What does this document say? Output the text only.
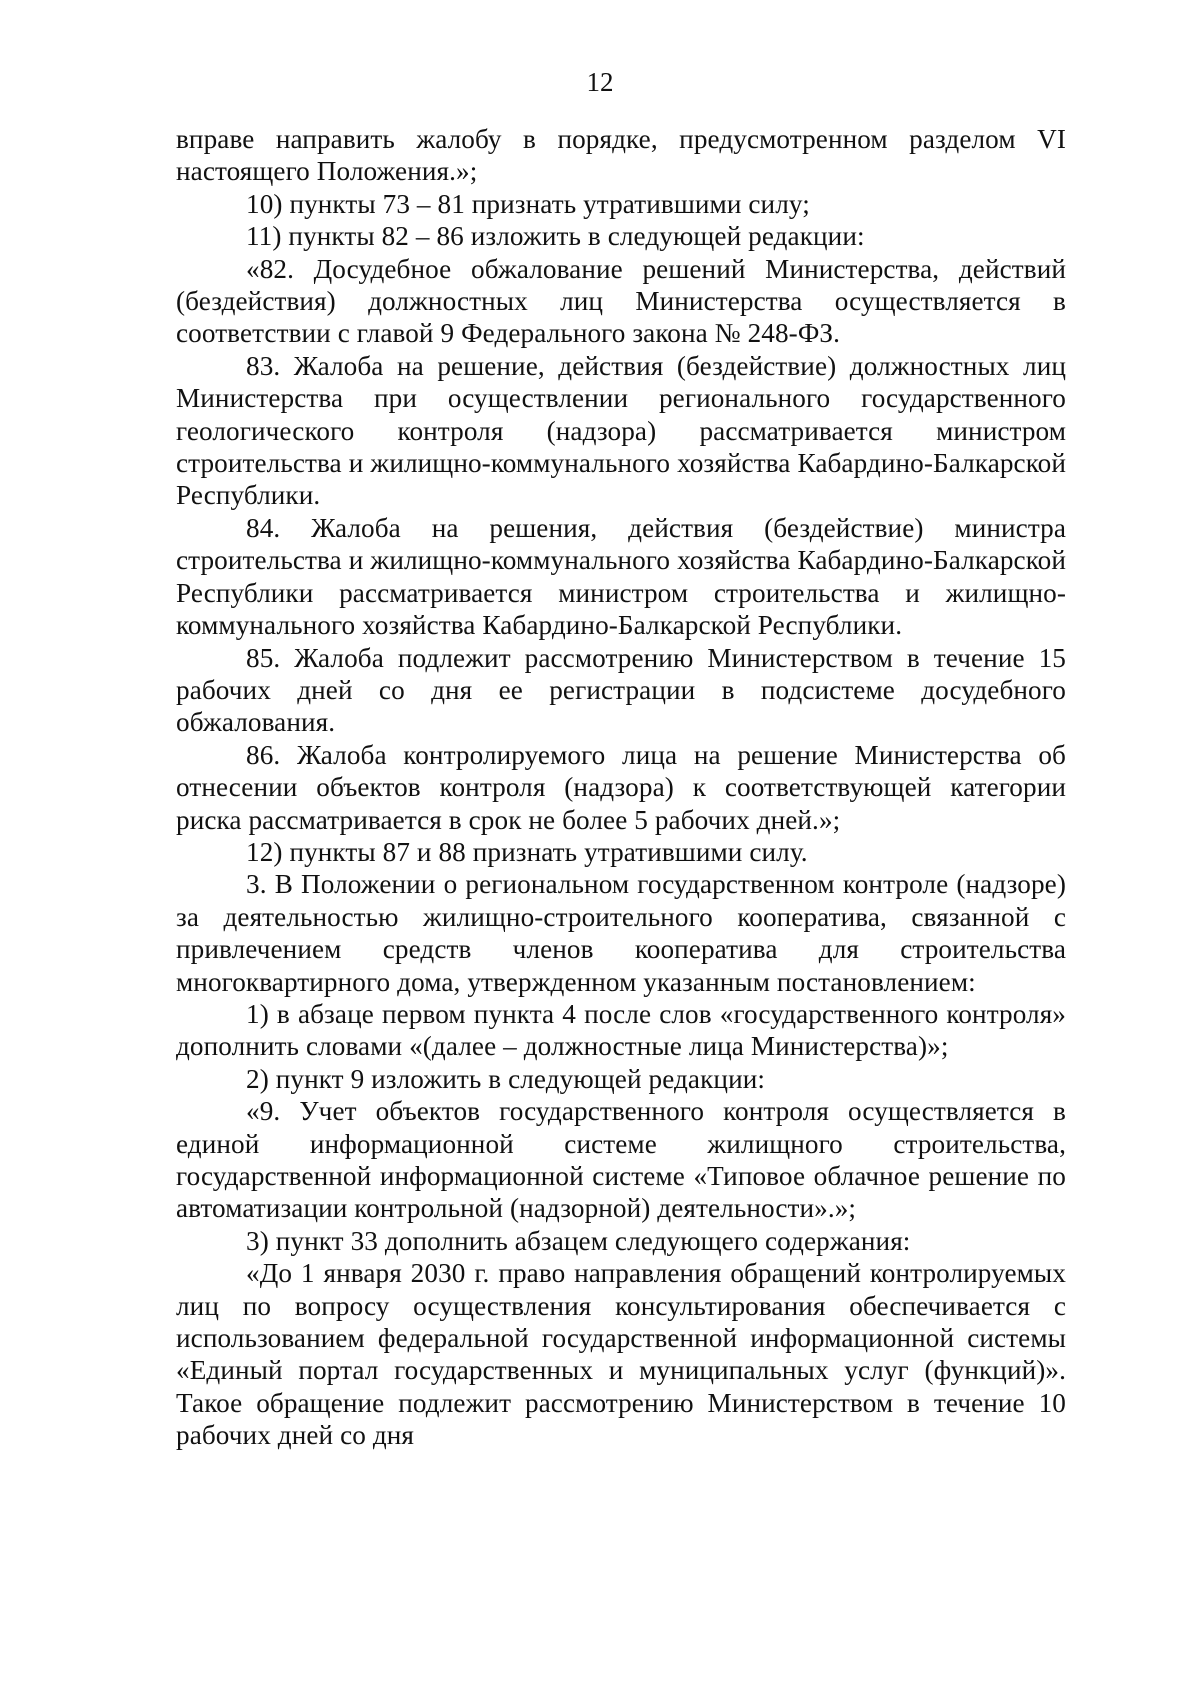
12

вправе направить жалобу в порядке, предусмотренном разделом VI настоящего Положения.»;

10) пункты 73 – 81 признать утратившими силу;

11) пункты 82 – 86 изложить в следующей редакции:

«82. Досудебное обжалование решений Министерства, действий (бездействия) должностных лиц Министерства осуществляется в соответствии с главой 9 Федерального закона № 248-ФЗ.

83. Жалоба на решение, действия (бездействие) должностных лиц Министерства при осуществлении регионального государственного геологического контроля (надзора) рассматривается министром строительства и жилищно-коммунального хозяйства Кабардино-Балкарской Республики.

84. Жалоба на решения, действия (бездействие) министра строительства и жилищно-коммунального хозяйства Кабардино-Балкарской Республики рассматривается министром строительства и жилищно-коммунального хозяйства Кабардино-Балкарской Республики.

85. Жалоба подлежит рассмотрению Министерством в течение 15 рабочих дней со дня ее регистрации в подсистеме досудебного обжалования.

86. Жалоба контролируемого лица на решение Министерства об отнесении объектов контроля (надзора) к соответствующей категории риска рассматривается в срок не более 5 рабочих дней.»;

12) пункты 87 и 88 признать утратившими силу.

3. В Положении о региональном государственном контроле (надзоре) за деятельностью жилищно-строительного кооператива, связанной с привлечением средств членов кооператива для строительства многоквартирного дома, утвержденном указанным постановлением:

1) в абзаце первом пункта 4 после слов «государственного контроля» дополнить словами «(далее – должностные лица Министерства)»;

2) пункт 9 изложить в следующей редакции:

«9. Учет объектов государственного контроля осуществляется в единой информационной системе жилищного строительства, государственной информационной системе «Типовое облачное решение по автоматизации контрольной (надзорной) деятельности».»;

3) пункт 33 дополнить абзацем следующего содержания:

«До 1 января 2030 г. право направления обращений контролируемых лиц по вопросу осуществления консультирования обеспечивается с использованием федеральной государственной информационной системы «Единый портал государственных и муниципальных услуг (функций)». Такое обращение подлежит рассмотрению Министерством в течение 10 рабочих дней со дня
